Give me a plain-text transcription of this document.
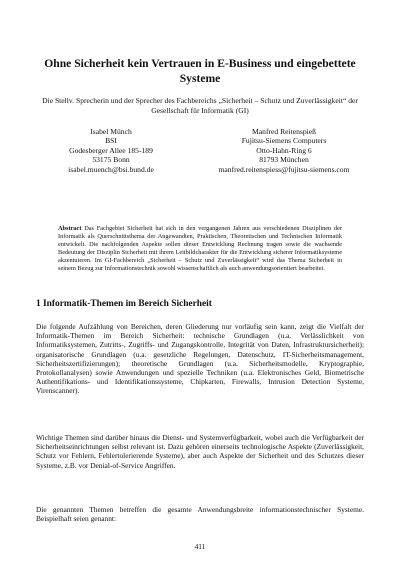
Ohne Sicherheit kein Vertrauen in E-Business und eingebettete Systeme
Die Stellv. Sprecherin und der Sprecher des Fachbereichs „Sicherheit – Schutz und Zuverlässigkeit“ der Gesellschaft für Informatik (GI)
Isabel Münch
BSI
Godesberger Allee 185-189
53175 Bonn
isabel.muench@bsi.bund.de
Manfred Reitenspieß
Fujitsu-Siemens Computers
Otto-Hahn-Ring 6
81793 München
manfred.reitenspiess@fujitsu-siemens.com
Abstract Das Fachgebiet Sicherheit hat sich in den vergangenen Jahren aus verschiedenen Disziplinen der Informatik als Querschnittsthema der Angewandten, Praktischen, Theoretischen und Technischen Informatik entwickelt. Die nachfolgenden Aspekte sollen dieser Entwicklung Rechnung tragen sowie die wachsende Bedeutung der Disziplin Sicherheit mit ihrem Leitbildcharakter für die Entwicklung sicherer Informatiksysteme akzentuieren. Im GI-Fachbereich „Sicherheit – Schutz und Zuverlässigkeit“ wird das Thema Sicherheit in seinem Bezug zur Informationstechnik sowohl wissenschaftlich als auch anwendungsorientiert bearbeitet.
1 Informatik-Themen im Bereich Sicherheit
Die folgende Aufzählung von Bereichen, deren Gliederung nur vorläufig sein kann, zeigt die Vielfalt der Informatik-Themen im Bereich Sicherheit: technische Grundlagen (u.a. Verlässlichkeit von Informatiksystemen, Zutritts-, Zugriffs- und Zugangskontrolle, Integrität von Daten, Infrastruktursicherheit); organisatorische Grundlagen (u.a. gesetzliche Regelungen, Datenschutz, IT-Sicherheitsmanagement, Sicherheitszertifizierungen); theoretische Grundlagen (u.a. Sicherheitsmodelle, Kryptographie, Protokollanalysen) sowie Anwendungen und spezielle Techniken (u.a. Elektronisches Geld, Biometrische Authentifikations- und Identifikationssysteme, Chipkarten, Firewalls, Intrusion Detection Systeme, Virenscanner).
Wichtige Themen sind darüber hinaus die Dienst- und Systemverfügbarkeit, wobei auch die Verfügbarkeit der Sicherheitseinrichtungen selbst relevant ist. Dazu gehören einerseits technologische Aspekte (Zuverlässigkeit, Schutz vor Fehlern, Fehlertolerierende Systeme), aber auch Aspekte der Sicherheit und des Schutzes dieser Systeme, z.B. vor Denial-of-Service Angriffen.
Die genannten Themen betreffen die gesamte Anwendungsbreite informationstechnischer Systeme. Beispielhaft seien genannt:
411
